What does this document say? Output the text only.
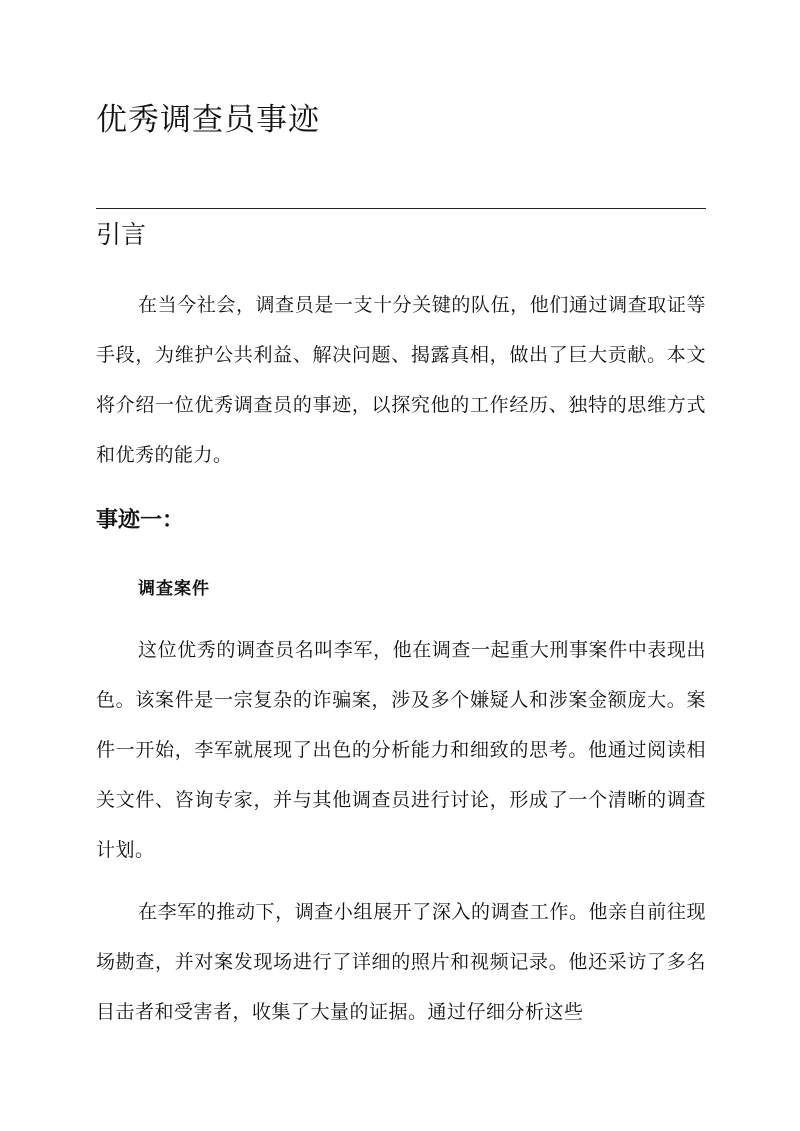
优秀调查员事迹
引言

在当今社会，调查员是一支十分关键的队伍，他们通过调查取证等手段，为维护公共利益、解决问题、揭露真相，做出了巨大贡献。本文将介绍一位优秀调查员的事迹，以探究他的工作经历、独特的思维方式和优秀的能力。

事迹一：
调查案件

这位优秀的调查员名叫李军，他在调查一起重大刑事案件中表现出色。该案件是一宗复杂的诈骗案，涉及多个嫌疑人和涉案金额庞大。案件一开始，李军就展现了出色的分析能力和细致的思考。他通过阅读相关文件、咨询专家，并与其他调查员进行讨论，形成了一个清晰的调查计划。

在李军的推动下，调查小组展开了深入的调查工作。他亲自前往现场勘查，并对案发现场进行了详细的照片和视频记录。他还采访了多名目击者和受害者，收集了大量的证据。通过仔细分析这些
